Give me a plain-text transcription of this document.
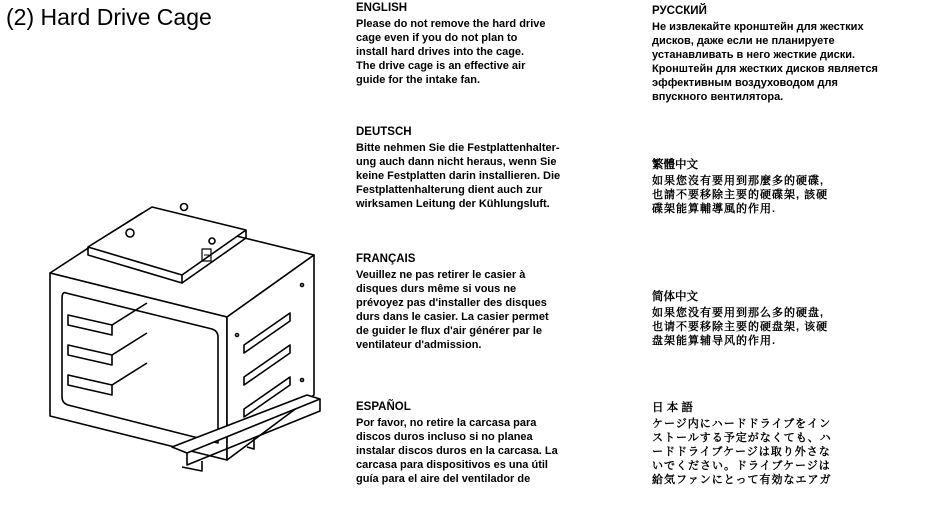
(2) Hard Drive Cage	ENGLISH

Please do not remove the hard drive

cage even if you do not plan to

install hard drives into the cage.

The drive cage is an effective air

guide for the intake fan.

DEUTSCH

Bitte nehmen Sie die Festplattenhalter-

ung auch dann nicht heraus, wenn Sie

keine Festplatten darin installieren. Die

Festplattenhalterung dient auch zur

wirksamen Leitung der Kühlungsluft.

FRANÇAIS

Veuillez ne pas retirer le casier à

disques durs même si vous ne

prévoyez pas d'installer des disques

durs dans le casier. La casier permet

de guider le flux d'air générer par le

ventilateur d'admission.

ESPAÑOL

Por favor, no retire la carcasa para

discos duros incluso si no planea

instalar discos duros en la carcasa. La

carcasa para dispositivos es una útil

guía para el aire del ventilador de

РУССКИЙ

Не извлекайте кронштейн для жестких

дисков, даже если не планируете

устанавливать в него жесткие диски.

Кронштейн для жестких дисков является

эффективным воздуховодом для

впускного вентилятора.

繁體中文

如果您沒有要用到那麼多的硬碟,

也請不要移除主要的硬碟架, 該硬

碟架能算輔導風的作用.

简体中文

如果您没有要用到那么多的硬盘,

也请不要移除主要的硬盘架, 该硬

盘架能算辅导风的作用.

日 本 語

ケージ内にハードドライブをイン

ストールする予定がなくても、ハ

ードドライブケージは取り外さな

いでください。ドライブケージは

給気ファンにとって有効なエアガ
